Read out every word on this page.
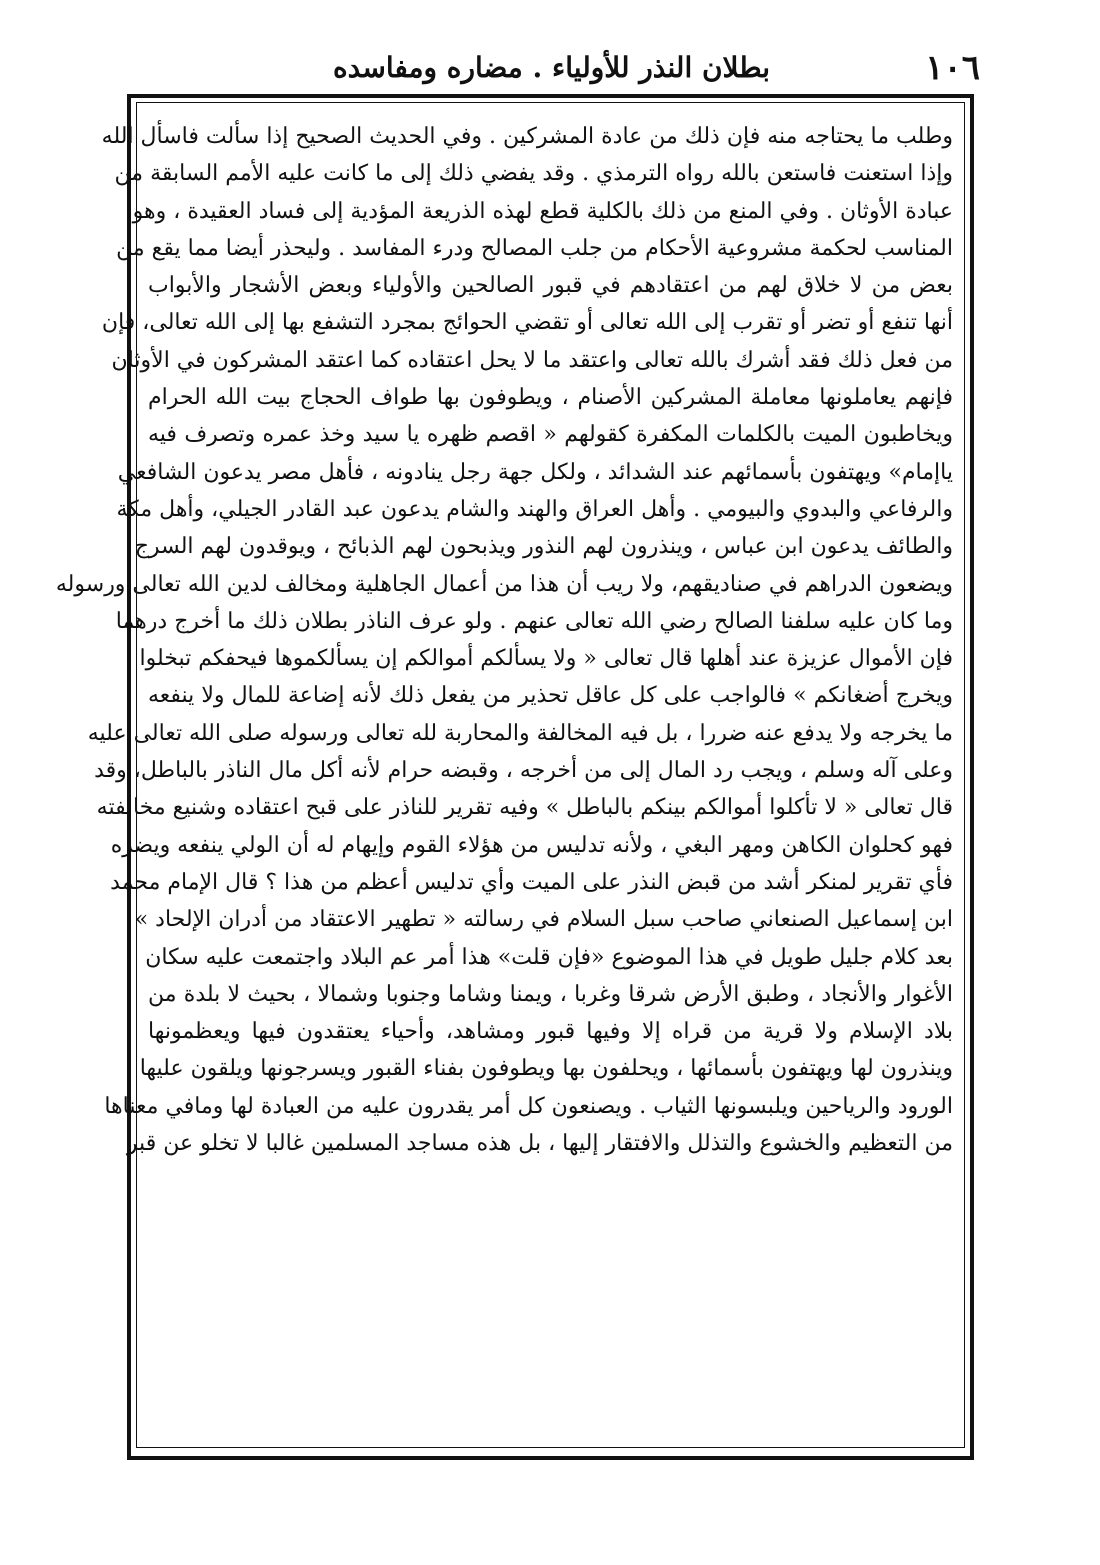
١٠٦
بطلان النذر للأولياء . مضاره ومفاسده
وطلب ما يحتاجه منه فإن ذلك من عادة المشركين . وفي الحديث الصحيح إذا سألت فاسأل الله
وإذا استعنت فاستعن بالله رواه الترمذي . وقد يفضي ذلك إلى ما كانت عليه الأمم السابقة من
عبادة الأوثان . وفي المنع من ذلك بالكلية قطع لهذه الذريعة المؤدية إلى فساد العقيدة ، وهو
المناسب لحكمة مشروعية الأحكام من جلب المصالح ودرء المفاسد . وليحذر أيضا مما يقع من
بعض من لا خلاق لهم من اعتقادهم في قبور الصالحين والأولياء وبعض الأشجار والأبواب
أنها تنفع أو تضر أو تقرب إلى الله تعالى أو تقضي الحوائج بمجرد التشفع بها إلى الله تعالى، فإن
من فعل ذلك فقد أشرك بالله تعالى واعتقد ما لا يحل اعتقاده كما اعتقد المشركون في الأوثان
فإنهم يعاملونها معاملة المشركين الأصنام ، ويطوفون بها طواف الحجاج بيت الله الحرام
ويخاطبون الميت بالكلمات المكفرة كقولهم « اقصم ظهره يا سيد وخذ عمره وتصرف فيه
ياإمام» ويهتفون بأسمائهم عند الشدائد ، ولكل جهة رجل ينادونه ، فأهل مصر يدعون الشافعي
والرفاعي والبدوي والبيومي . وأهل العراق والهند والشام يدعون عبد القادر الجيلي، وأهل مكة
والطائف يدعون ابن عباس ، وينذرون لهم النذور ويذبحون لهم الذبائح ، ويوقدون لهم السرج
ويضعون الدراهم في صناديقهم، ولا ريب أن هذا من أعمال الجاهلية ومخالف لدين الله تعالى ورسوله
وما كان عليه سلفنا الصالح رضي الله تعالى عنهم . ولو عرف الناذر بطلان ذلك ما أخرج درهما
فإن الأموال عزيزة عند أهلها قال تعالى « ولا يسألكم أموالكم إن يسألكموها فيحفكم تبخلوا
ويخرج أضغانكم » فالواجب على كل عاقل تحذير من يفعل ذلك لأنه إضاعة للمال ولا ينفعه
ما يخرجه ولا يدفع عنه ضررا ، بل فيه المخالفة والمحاربة لله تعالى ورسوله صلى الله تعالى عليه
وعلى آله وسلم ، ويجب رد المال إلى من أخرجه ، وقبضه حرام لأنه أكل مال الناذر بالباطل، وقد
قال تعالى « لا تأكلوا أموالكم بينكم بالباطل » وفيه تقرير للناذر على قبح اعتقاده وشنيع مخالفته
فهو كحلوان الكاهن ومهر البغي ، ولأنه تدليس من هؤلاء القوم وإيهام له أن الولي ينفعه ويضره
فأي تقرير لمنكر أشد من قبض النذر على الميت وأي تدليس أعظم من هذا ؟ قال الإمام محمد
ابن إسماعيل الصنعاني صاحب سبل السلام في رسالته « تطهير الاعتقاد من أدران الإلحاد »
بعد كلام جليل طويل في هذا الموضوع «فإن قلت» هذا أمر عم البلاد واجتمعت عليه سكان
الأغوار والأنجاد ، وطبق الأرض شرقا وغربا ، ويمنا وشاما وجنوبا وشمالا ، بحيث لا بلدة من
بلاد الإسلام ولا قرية من قراه إلا وفيها قبور ومشاهد، وأحياء يعتقدون فيها ويعظمونها
وينذرون لها ويهتفون بأسمائها ، ويحلفون بها ويطوفون بفناء القبور ويسرجونها ويلقون عليها
الورود والرياحين ويلبسونها الثياب . ويصنعون كل أمر يقدرون عليه من العبادة لها ومافي معناها
من التعظيم والخشوع والتذلل والافتقار إليها ، بل هذه مساجد المسلمين غالبا لا تخلو عن قبر
